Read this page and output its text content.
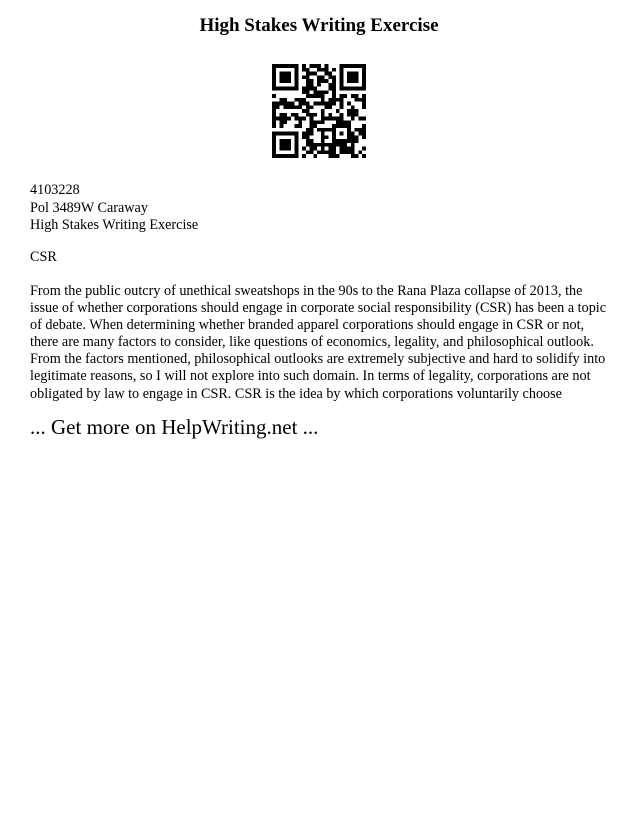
High Stakes Writing Exercise
4103228
Pol 3489W Caraway
High Stakes Writing Exercise
CSR

From the public outcry of unethical sweatshops in the 90s to the Rana Plaza collapse of 2013, the
issue of whether corporations should engage in corporate social responsibility (CSR) has been a topic
of debate. When determining whether branded apparel corporations should engage in CSR or not,
there are many factors to consider, like questions of economics, legality, and philosophical outlook.
From the factors mentioned, philosophical outlooks are extremely subjective and hard to solidify into
legitimate reasons, so I will not explore into such domain. In terms of legality, corporations are not
obligated by law to engage in CSR. CSR is the idea by which corporations voluntarily choose

... Get more on HelpWriting.net ...
